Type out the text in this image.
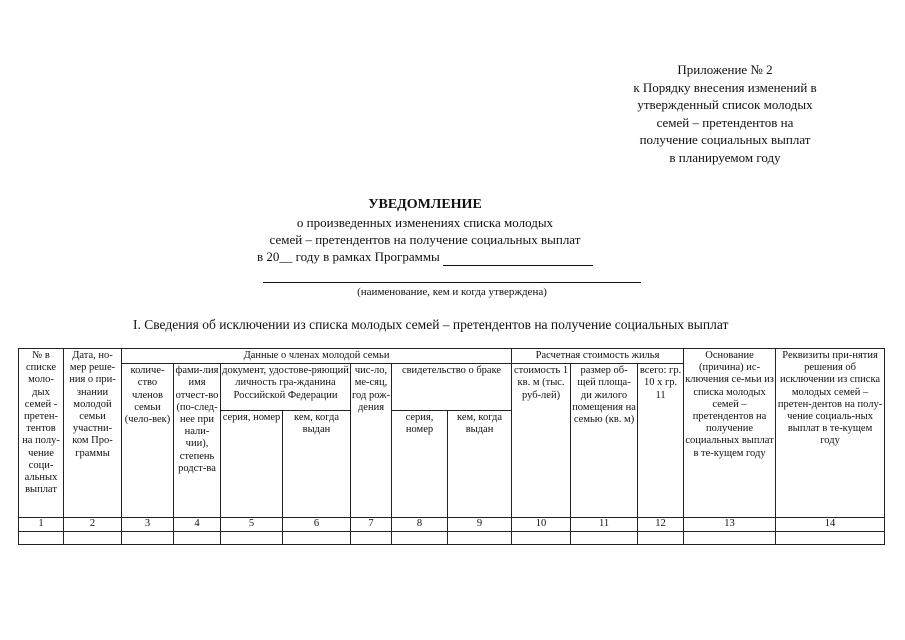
Приложение № 2
к Порядку внесения изменений в
утвержденный список молодых
семей – претендентов на
получение социальных выплат
в планируемом году
УВЕДОМЛЕНИЕ
о произведенных изменениях списка молодых
семей – претендентов на получение социальных выплат
в 20__ году в рамках Программы
(наименование, кем и когда утверждена)
I. Сведения об исключении из списка молодых семей – претендентов на получение социальных выплат
№ в списке моло-дых семей - претен-тентов на полу-чение соци-альных выплат	Дата, но-мер реше-ния о при-знании молодой семьи участни-ком Про-граммы	Данные о членах молодой семьи							Расчетная стоимость жилья			Основание (причина) ис-ключения се-мьи из списка молодых семей – претендентов на получение социальных выплат в те-кущем году	Реквизиты при-нятия решения об исключении из списка молодых семей – претен-дентов на полу-чение социаль-ных выплат в те-кущем году
		количе-ство членов семьи (чело-век)	фами-лия имя отчест-во (по-след-нее при нали-чии), степень родст-ва	документ, удостове-ряющий личность гра-жданина Российской Федерации		чис-ло, ме-сяц, год рож-дения	свидетельство о браке		стоимость 1 кв. м (тыс. руб-лей)	размер об-щей площа-ди жилого помещения на семью (кв. м)	всего: гр. 10 х гр. 11		
				серия, номер	кем, когда выдан		серия, номер	кем, когда выдан					
1	2	3	4	5	6	7	8	9	10	11	12	13	14
